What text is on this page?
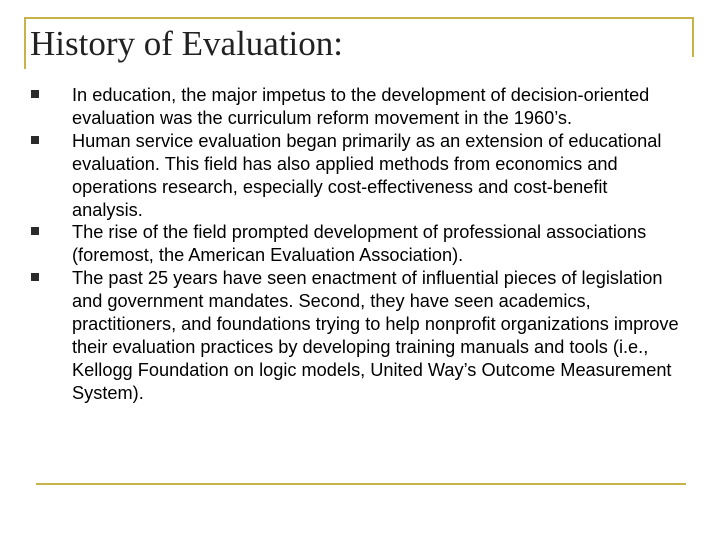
History of Evaluation:
In education, the major impetus to the development of decision-oriented evaluation was the curriculum reform movement in the 1960’s.
Human service evaluation began primarily as an extension of educational evaluation. This field has also applied methods from economics and operations research, especially cost-effectiveness and cost-benefit analysis.
The rise of the field prompted development of professional associations (foremost, the American Evaluation Association).
The past 25 years have seen enactment of influential pieces of legislation and government mandates. Second, they have seen academics, practitioners, and foundations trying to help nonprofit organizations improve their evaluation practices by developing training manuals and tools (i.e., Kellogg Foundation on logic models, United Way’s Outcome Measurement System).
